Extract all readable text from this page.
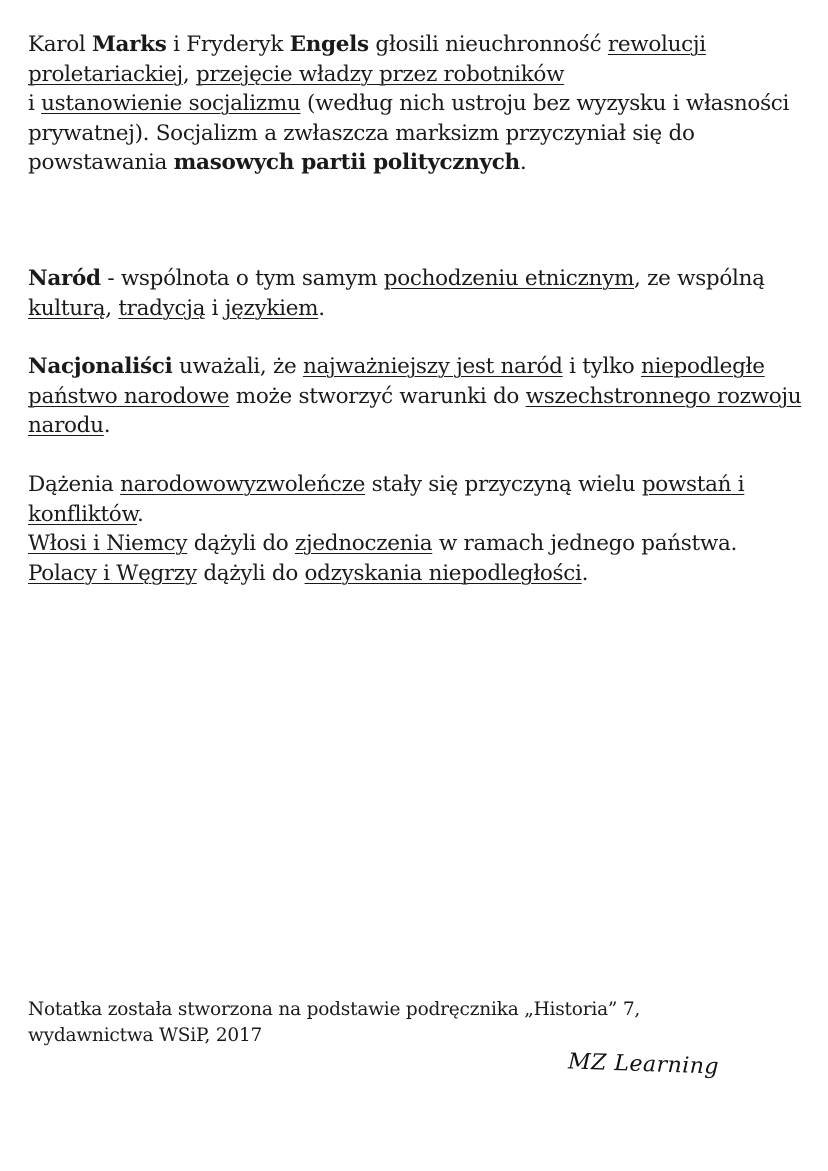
Karol Marks i Fryderyk Engels głosili nieuchronność rewolucji proletariackiej, przejęcie władzy przez robotników
i ustanowienie socjalizmu (według nich ustroju bez wyzysku i własności prywatnej). Socjalizm a zwłaszcza marksizm przyczyniał się do powstawania masowych partii politycznych.

Naród - wspólnota o tym samym pochodzeniu etnicznym, ze wspólną kulturą, tradycją i językiem.

Nacjonaliści uważali, że najważniejszy jest naród i tylko niepodległe państwo narodowe może stworzyć warunki do wszechstronnego rozwoju narodu.

Dążenia narodowowyzwoleńcze stały się przyczyną wielu powstań i konfliktów.

Włosi i Niemcy dążyli do zjednoczenia w ramach jednego państwa.

Polacy i Węgrzy dążyli do odzyskania niepodległości.

Notatka została stworzona na podstawie podręcznika „Historia” 7,

wydawnictwa WSiP, 2017

MZ Learning
